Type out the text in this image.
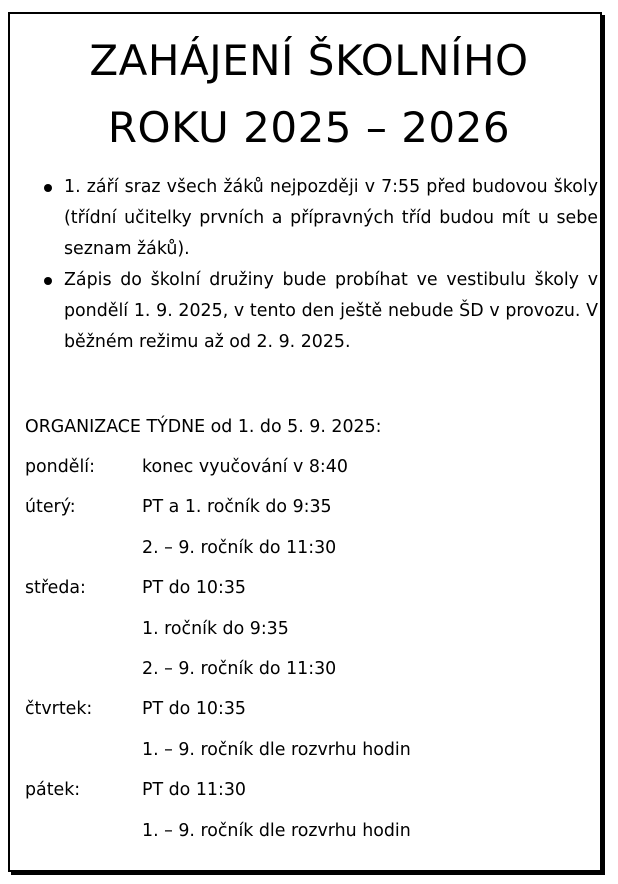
ZAHÁJENÍ ŠKOLNÍHO
ROKU 2025 – 2026
1. září sraz všech žáků nejpozději v 7:55 před budovou školy (třídní učitelky prvních a přípravných tříd budou mít u sebe seznam žáků).
Zápis do školní družiny bude probíhat ve vestibulu školy v pondělí 1. 9. 2025, v tento den ještě nebude ŠD v provozu. V běžném režimu až od 2. 9. 2025.
ORGANIZACE TÝDNE od 1. do 5. 9. 2025:
pondělí:	konec vyučování v 8:40
úterý:	PT a 1. ročník do 9:35
2. – 9. ročník do 11:30
středa:	PT do 10:35
1. ročník do 9:35
2. – 9. ročník do 11:30
čtvrtek:	PT do 10:35
1. – 9. ročník dle rozvrhu hodin
pátek:	PT do 11:30
1. – 9. ročník dle rozvrhu hodin
